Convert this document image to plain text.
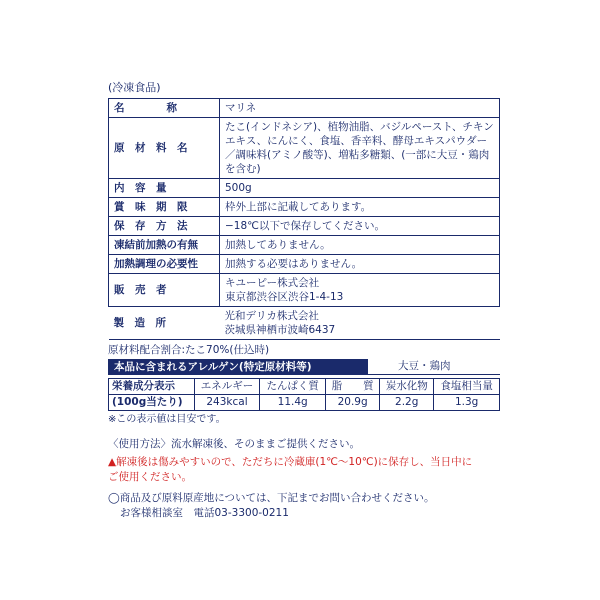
(冷凍食品)
名　　　　称	マリネ
原　材　料　名	たこ(インドネシア)、植物油脂、バジルペースト、チキンエキス、にんにく、食塩、香辛料、酵母エキスパウダー／調味料(アミノ酸等)、増粘多糖類、(一部に大豆・鶏肉を含む)
内　容　量	500g
賞　味　期　限	枠外上部に記載してあります。
保　存　方　法	−18℃以下で保存してください。
凍結前加熱の有無	加熱してありません。
加熱調理の必要性	加熱する必要はありません。
販　売　者	キユーピー株式会社
東京都渋谷区渋谷1-4-13
製　造　所	光和デリカ株式会社
茨城県神栖市波崎6437
原材料配合割合:たこ70%(仕込時)
本品に含まれるアレルゲン(特定原材料等)	大豆・鶏肉
栄養成分表示	エネルギー	たんぱく質	脂　　質	炭水化物	食塩相当量
(100g当たり)	243kcal	11.4g	20.9g	2.2g	1.3g
※この表示値は目安です。
〈使用方法〉流水解凍後、そのままご提供ください。
▲解凍後は傷みやすいので、ただちに冷蔵庫(1℃〜10℃)に保存し、当日中に
ご使用ください。
◯商品及び原料原産地については、下記までお問い合わせください。
お客様相談室　電話03-3300-0211
